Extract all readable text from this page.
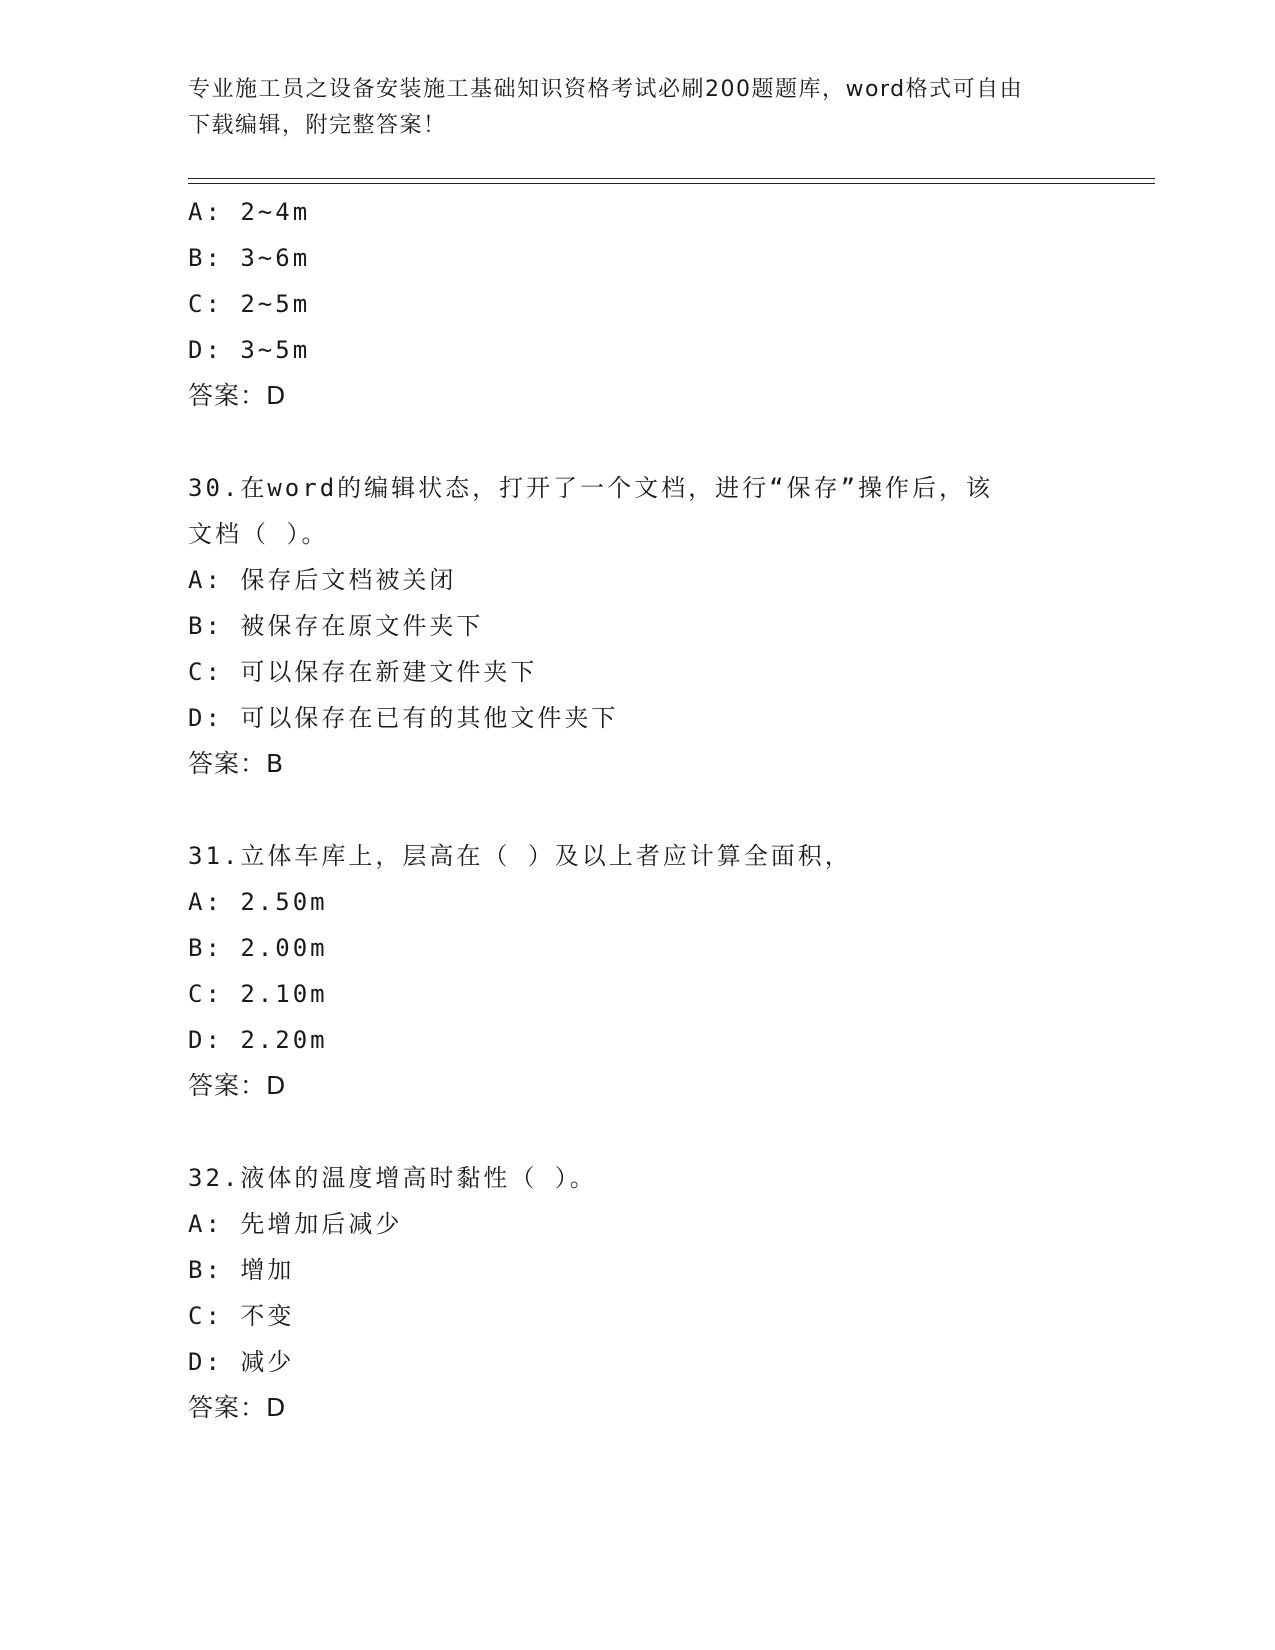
专业施工员之设备安装施工基础知识资格考试必刷200题题库，word格式可自由
下载编辑，附完整答案！
A: 2~4m
B: 3~6m
C: 2~5m
D: 3~5m
答案：D
30.在word的编辑状态，打开了一个文档，进行“保存”操作后，该
文档（ ）。
A: 保存后文档被关闭
B: 被保存在原文件夹下
C: 可以保存在新建文件夹下
D: 可以保存在已有的其他文件夹下
答案：B
31.立体车库上，层高在（ ）及以上者应计算全面积，
A: 2.50m
B: 2.00m
C: 2.10m
D: 2.20m
答案：D
32.液体的温度增高时黏性（ ）。
A: 先增加后减少
B: 增加
C: 不变
D: 减少
答案：D
